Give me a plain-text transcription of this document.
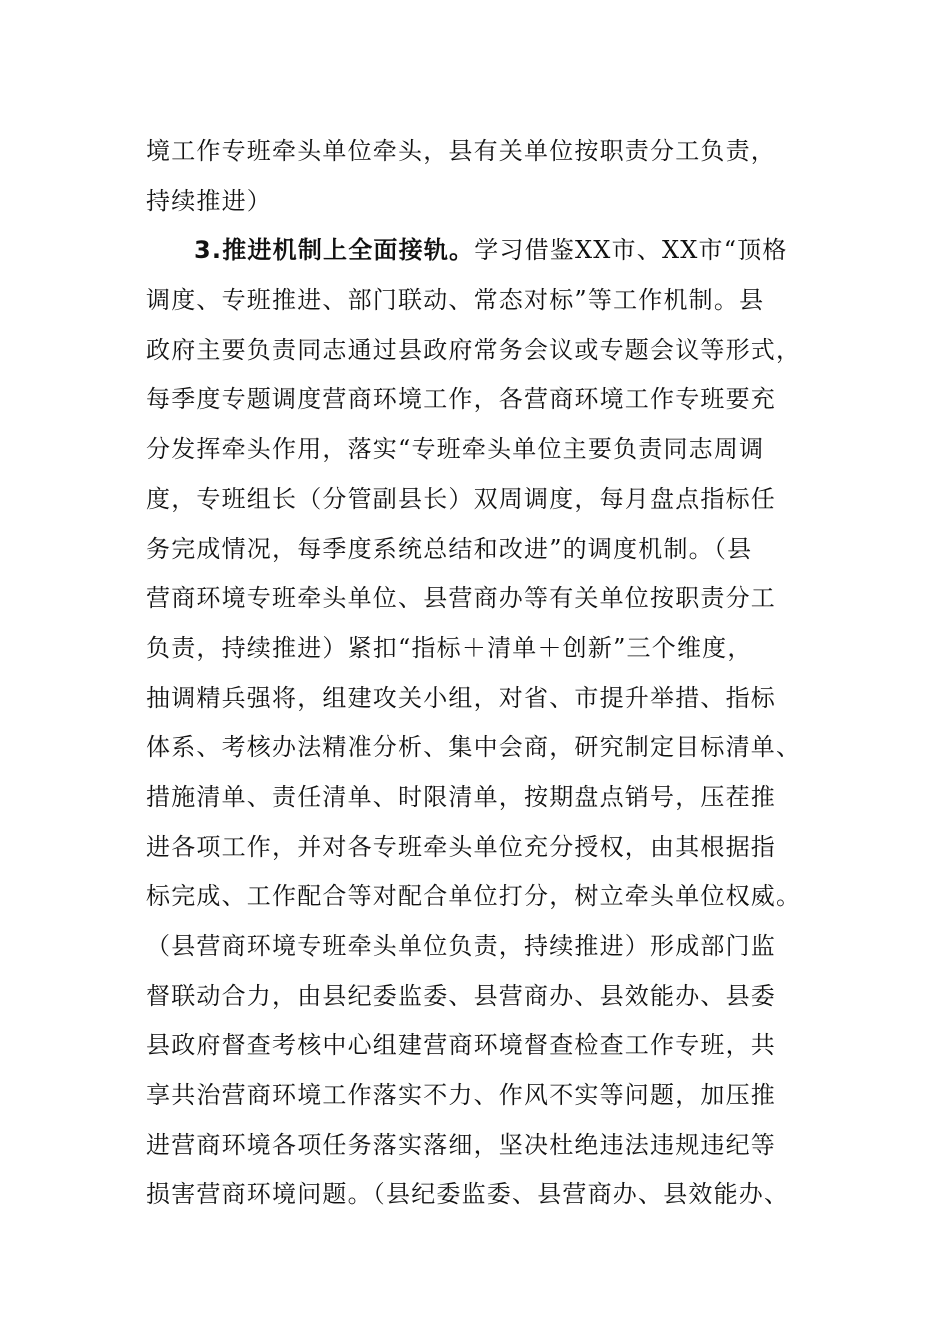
境工作专班牵头单位牵头，县有关单位按职责分工负责，
持续推进）
3.推进机制上全面接轨。学习借鉴XX市、XX市“顶格
调度、专班推进、部门联动、常态对标”等工作机制。县
政府主要负责同志通过县政府常务会议或专题会议等形式，
每季度专题调度营商环境工作，各营商环境工作专班要充
分发挥牵头作用，落实“专班牵头单位主要负责同志周调
度，专班组长（分管副县长）双周调度，每月盘点指标任
务完成情况，每季度系统总结和改进”的调度机制。（县
营商环境专班牵头单位、县营商办等有关单位按职责分工
负责，持续推进）紧扣“指标＋清单＋创新”三个维度，
抽调精兵强将，组建攻关小组，对省、市提升举措、指标
体系、考核办法精准分析、集中会商，研究制定目标清单、
措施清单、责任清单、时限清单，按期盘点销号，压茬推
进各项工作，并对各专班牵头单位充分授权，由其根据指
标完成、工作配合等对配合单位打分，树立牵头单位权威。
（县营商环境专班牵头单位负责，持续推进）形成部门监
督联动合力，由县纪委监委、县营商办、县效能办、县委
县政府督查考核中心组建营商环境督查检查工作专班，共
享共治营商环境工作落实不力、作风不实等问题，加压推
进营商环境各项任务落实落细，坚决杜绝违法违规违纪等
损害营商环境问题。（县纪委监委、县营商办、县效能办、
